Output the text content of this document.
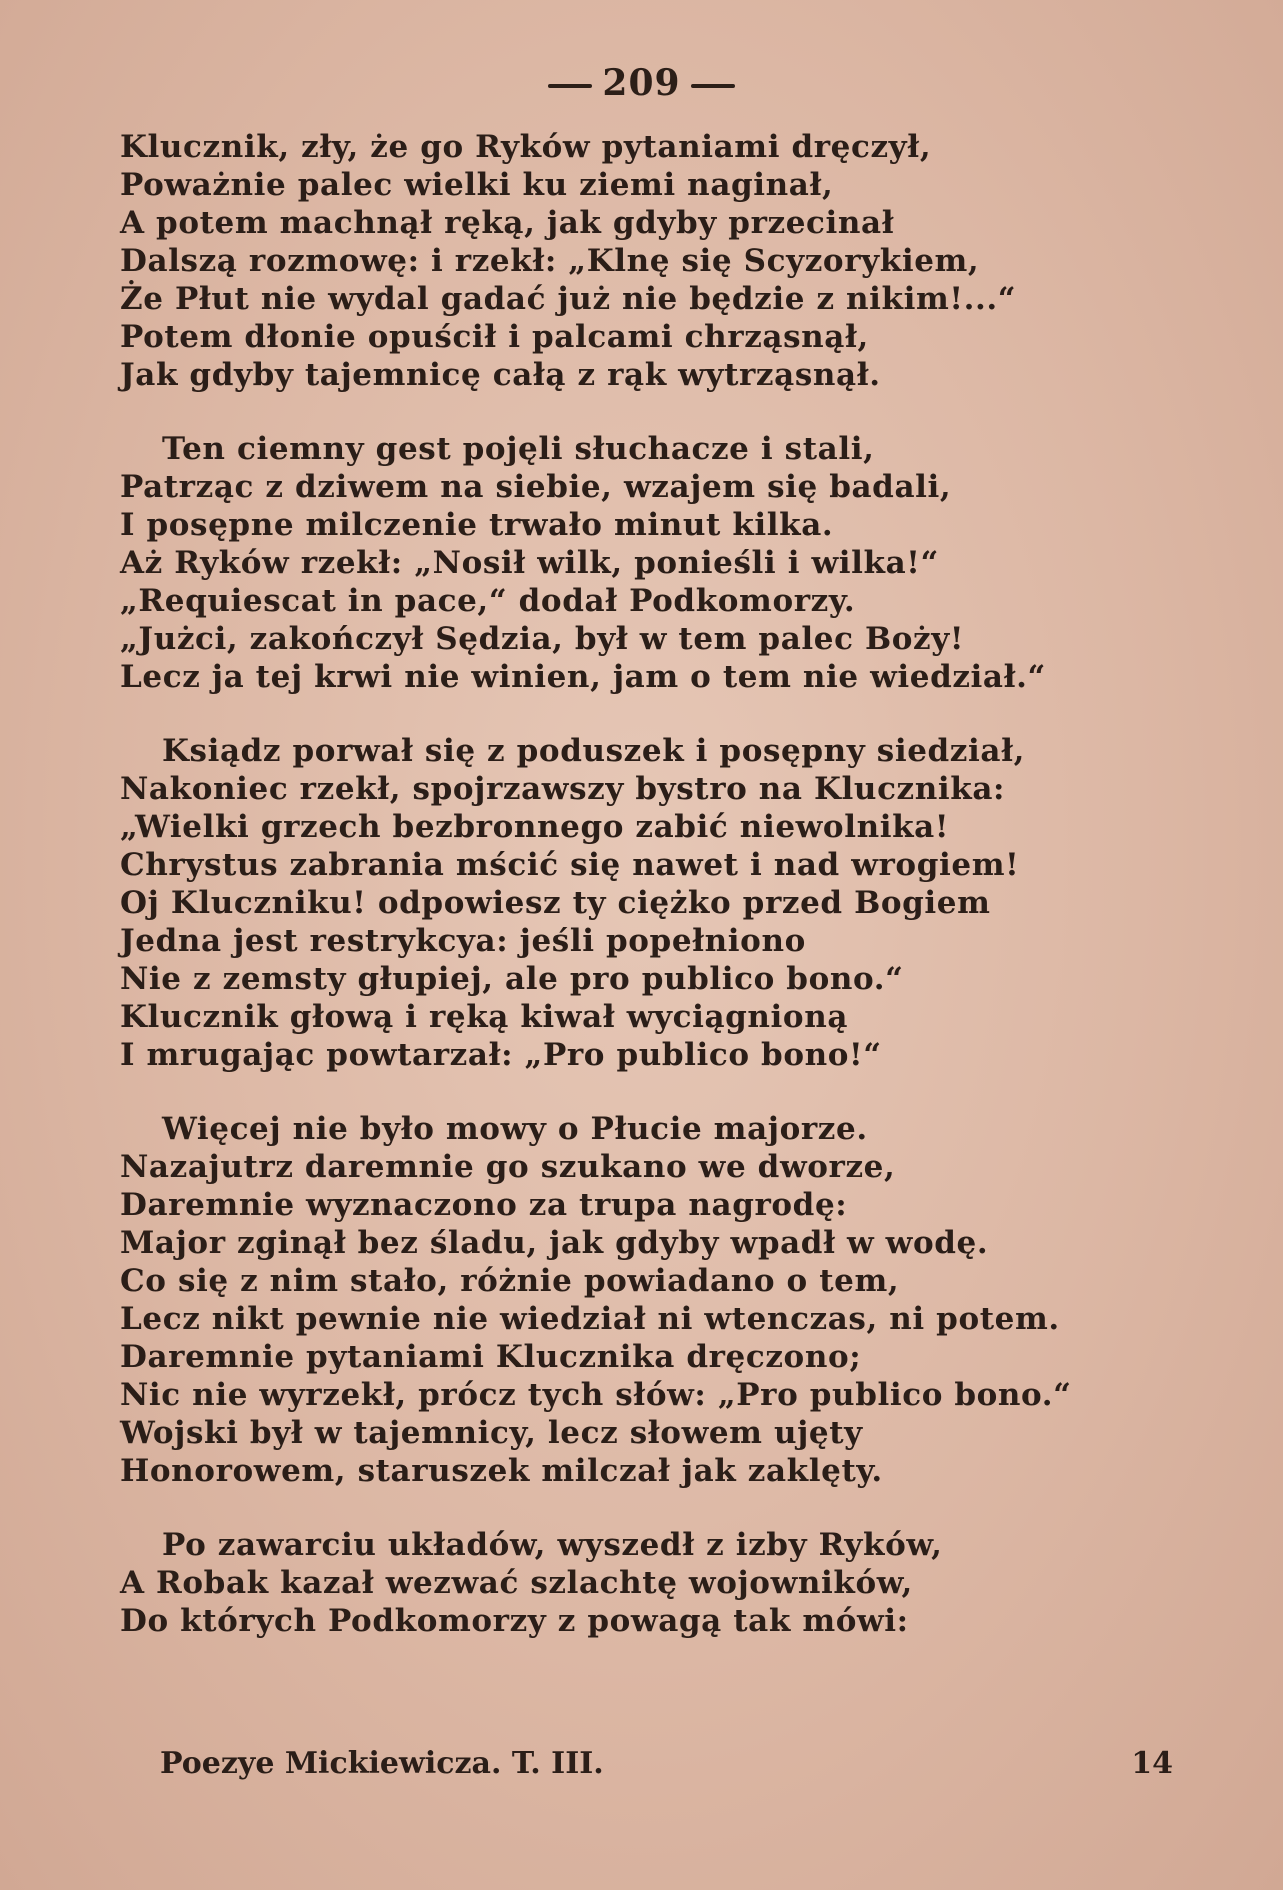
209
Klucznik, zły, że go Ryków pytaniami dręczył,
Poważnie palec wielki ku ziemi naginał,
A potem machnął ręką, jak gdyby przecinał
Dalszą rozmowę: i rzekł: „Klnę się Scyzorykiem,
Że Płut nie wydal gadać już nie będzie z nikim!...“
Potem dłonie opuścił i palcami chrząsnął,
Jak gdyby tajemnicę całą z rąk wytrząsnął.
Ten ciemny gest pojęli słuchacze i stali,
Patrząc z dziwem na siebie, wzajem się badali,
I posępne milczenie trwało minut kilka.
Aż Ryków rzekł: „Nosił wilk, ponieśli i wilka!“
„Requiescat in pace,“ dodał Podkomorzy.
„Jużci, zakończył Sędzia, był w tem palec Boży!
Lecz ja tej krwi nie winien, jam o tem nie wiedział.“
Ksiądz porwał się z poduszek i posępny siedział,
Nakoniec rzekł, spojrzawszy bystro na Klucznika:
„Wielki grzech bezbronnego zabić niewolnika!
Chrystus zabrania mścić się nawet i nad wrogiem!
Oj Kluczniku! odpowiesz ty ciężko przed Bogiem
Jedna jest restrykcya: jeśli popełniono
Nie z zemsty głupiej, ale pro publico bono.“
Klucznik głową i ręką kiwał wyciągnioną
I mrugając powtarzał: „Pro publico bono!“
Więcej nie było mowy o Płucie majorze.
Nazajutrz daremnie go szukano we dworze,
Daremnie wyznaczono za trupa nagrodę:
Major zginął bez śladu, jak gdyby wpadł w wodę.
Co się z nim stało, różnie powiadano o tem,
Lecz nikt pewnie nie wiedział ni wtenczas, ni potem.
Daremnie pytaniami Klucznika dręczono;
Nic nie wyrzekł, prócz tych słów: „Pro publico bono.“
Wojski był w tajemnicy, lecz słowem ujęty
Honorowem, staruszek milczał jak zaklęty.
Po zawarciu układów, wyszedł z izby Ryków,
A Robak kazał wezwać szlachtę wojowników,
Do których Podkomorzy z powagą tak mówi:
Poezye Mickiewicza. T. III.	14
